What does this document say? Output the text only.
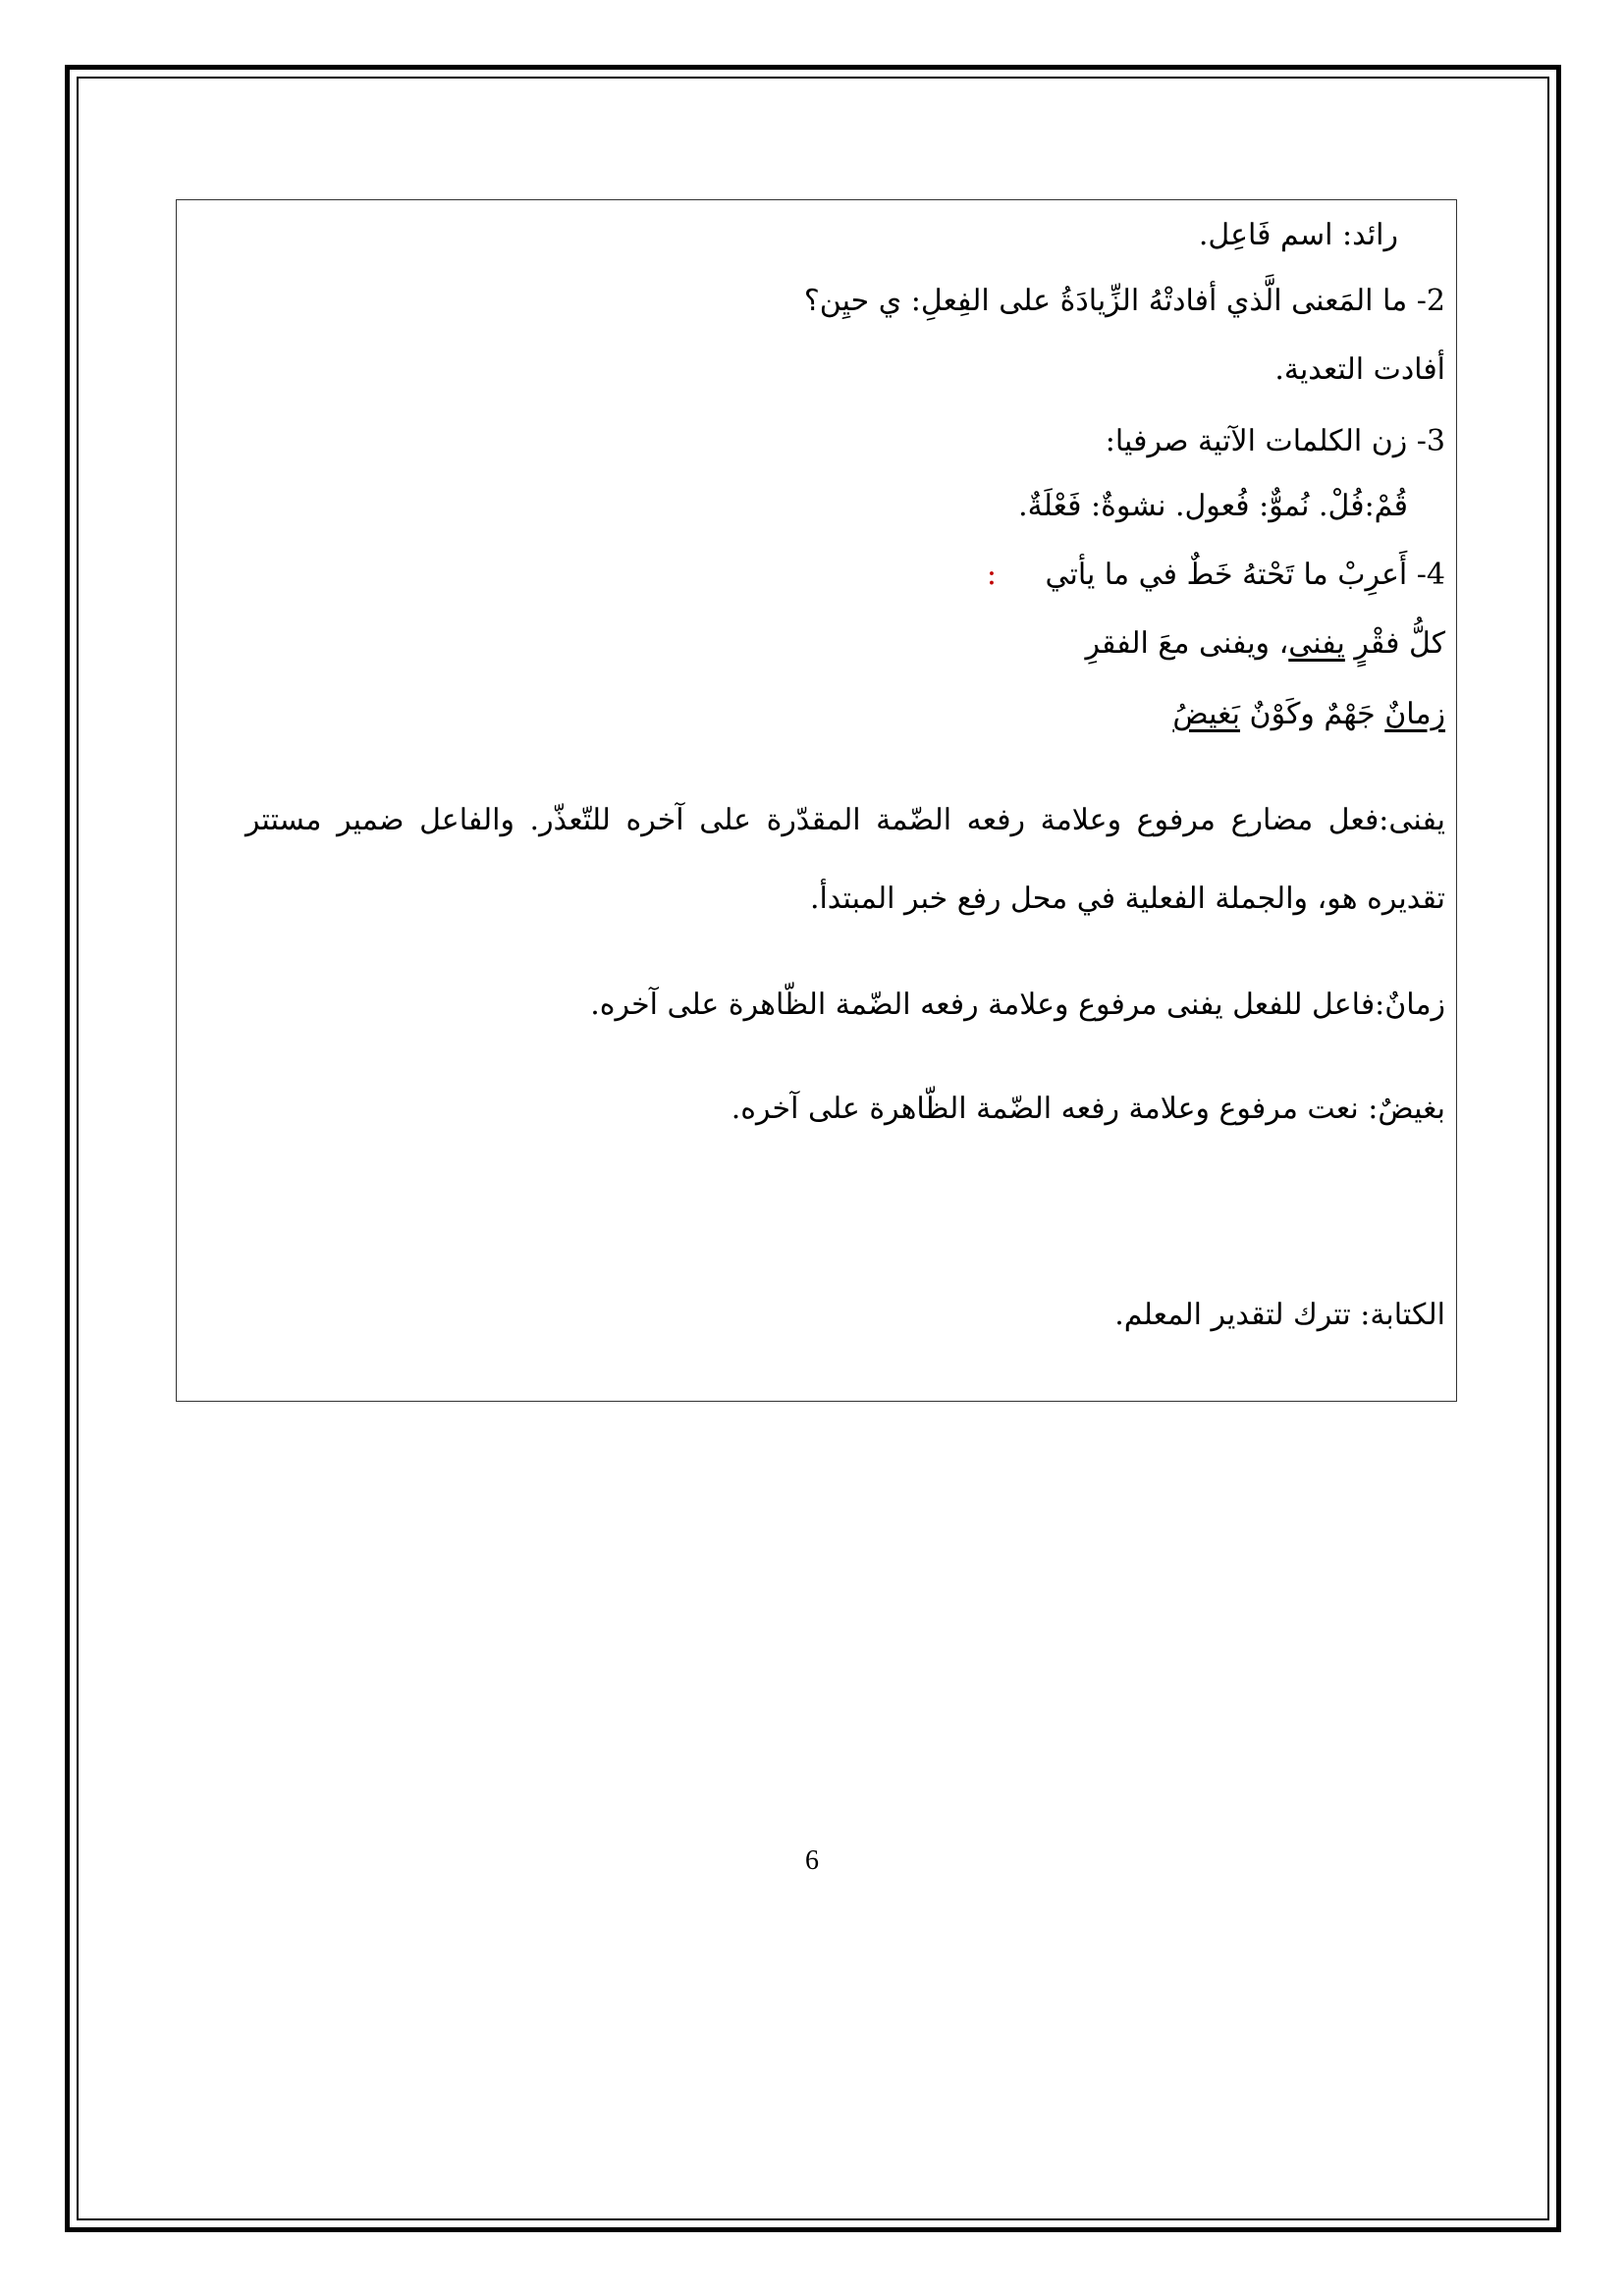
رائد: اسم فَاعِل.
2- ما المَعنى الَّذي أفادتْهُ الزِّيادَةُ على الفِعلِ: ي حيِن؟
أفادت التعدية.
3- زن الكلمات الآتية صرفيا:
قُمْ:فُلْ. نُموٌّ: فُعول. نشوةٌ: فَعْلَةٌ.
4- أَعرِبْ ما تَحْتهُ خَطٌ في ما يأتي :
كلُّ فقْرٍ يفنى، ويفنى معَ الفقرِ
زمانٌ جَهْمٌ وكَوْنٌ بَغيضُ
يفنى:فعل مضارع مرفوع وعلامة رفعه الضّمة المقدّرة على آخره للتّعذّر. والفاعل ضمير مستتر
تقديره هو، والجملة الفعلية في محل رفع خبر المبتدأ.
زمانٌ:فاعل للفعل يفنى مرفوع وعلامة رفعه الضّمة الظّاهرة على آخره.
بغيضٌ: نعت مرفوع وعلامة رفعه الضّمة الظّاهرة على آخره.
الكتابة: تترك لتقدير المعلم.
6
